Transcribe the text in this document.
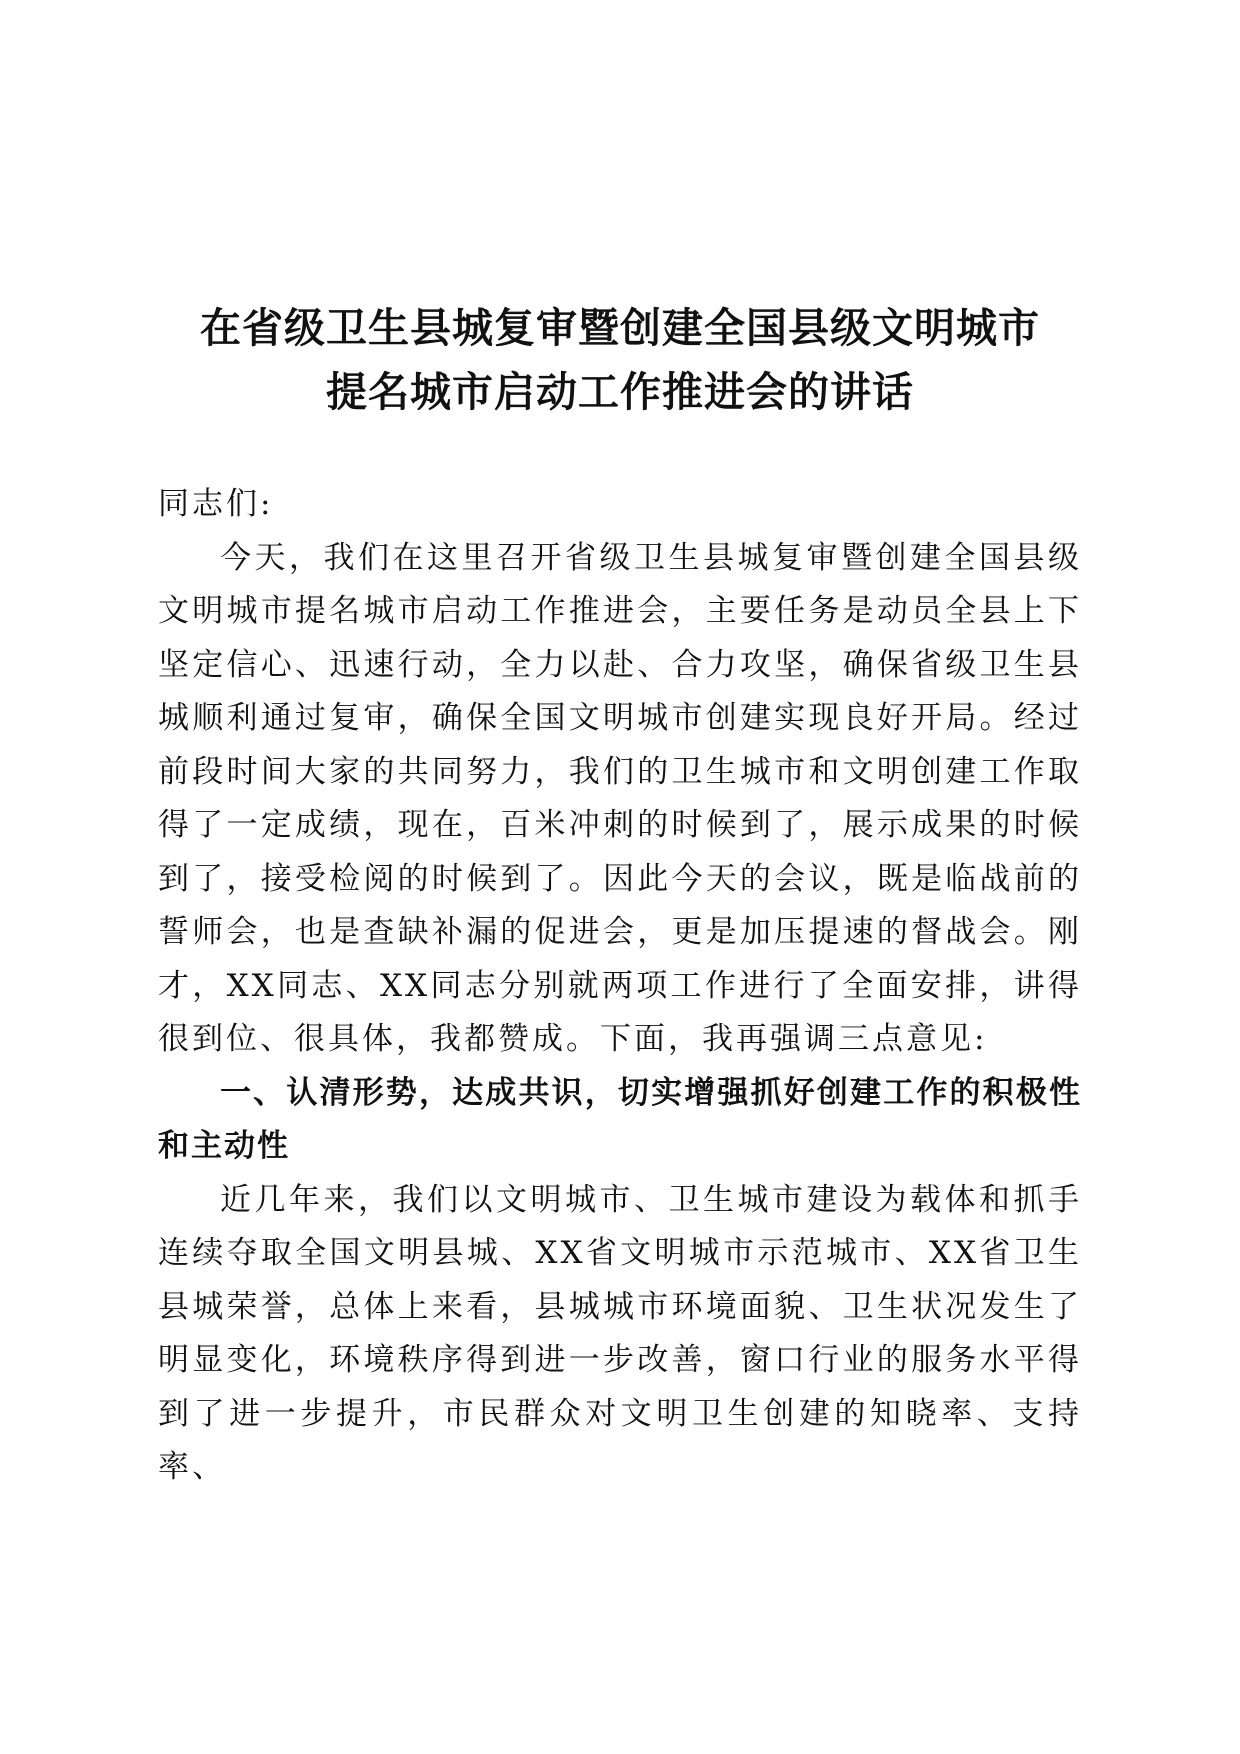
在省级卫生县城复审暨创建全国县级文明城市
提名城市启动工作推进会的讲话

同志们:

今天，我们在这里召开省级卫生县城复审暨创建全国县级文明城市提名城市启动工作推进会，主要任务是动员全县上下坚定信心、迅速行动，全力以赴、合力攻坚，确保省级卫生县城顺利通过复审，确保全国文明城市创建实现良好开局。经过前段时间大家的共同努力，我们的卫生城市和文明创建工作取得了一定成绩，现在，百米冲刺的时候到了，展示成果的时候到了，接受检阅的时候到了。因此今天的会议，既是临战前的誓师会，也是查缺补漏的促进会，更是加压提速的督战会。刚才，XX同志、XX同志分别就两项工作进行了全面安排，讲得很到位、很具体，我都赞成。下面，我再强调三点意见:

一、认清形势，达成共识，切实增强抓好创建工作的积极性和主动性

近几年来，我们以文明城市、卫生城市建设为载体和抓手连续夺取全国文明县城、XX省文明城市示范城市、XX省卫生县城荣誉，总体上来看，县城城市环境面貌、卫生状况发生了明显变化，环境秩序得到进一步改善，窗口行业的服务水平得到了进一步提升，市民群众对文明卫生创建的知晓率、支持率、
